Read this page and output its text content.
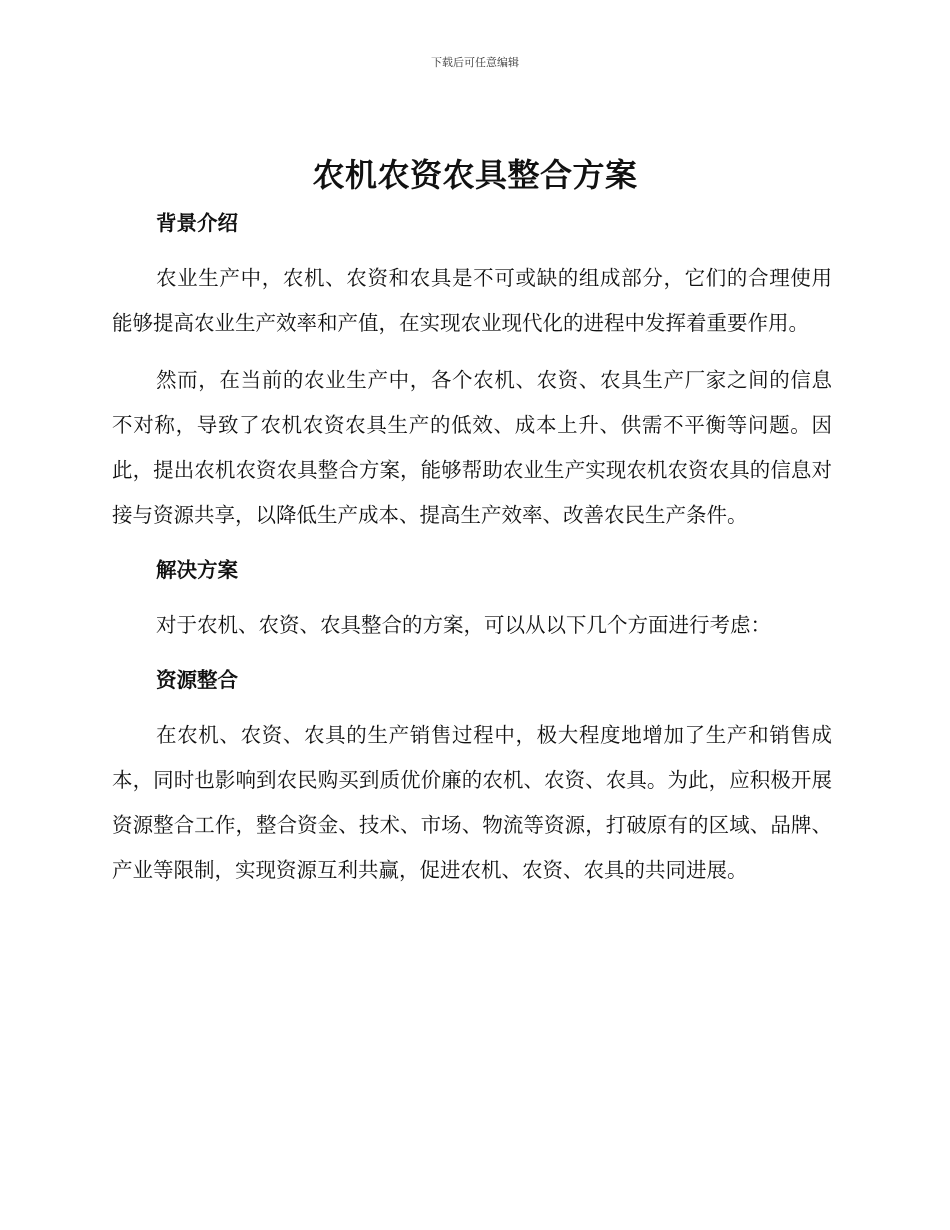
下载后可任意编辑
农机农资农具整合方案
背景介绍

农业生产中，农机、农资和农具是不可或缺的组成部分，它们的合理使用能够提高农业生产效率和产值，在实现农业现代化的进程中发挥着重要作用。

然而，在当前的农业生产中，各个农机、农资、农具生产厂家之间的信息不对称，导致了农机农资农具生产的低效、成本上升、供需不平衡等问题。因此，提出农机农资农具整合方案，能够帮助农业生产实现农机农资农具的信息对接与资源共享，以降低生产成本、提高生产效率、改善农民生产条件。

解决方案

对于农机、农资、农具整合的方案，可以从以下几个方面进行考虑：

资源整合

在农机、农资、农具的生产销售过程中，极大程度地增加了生产和销售成本，同时也影响到农民购买到质优价廉的农机、农资、农具。为此，应积极开展资源整合工作，整合资金、技术、市场、物流等资源，打破原有的区域、品牌、产业等限制，实现资源互利共赢，促进农机、农资、农具的共同进展。
